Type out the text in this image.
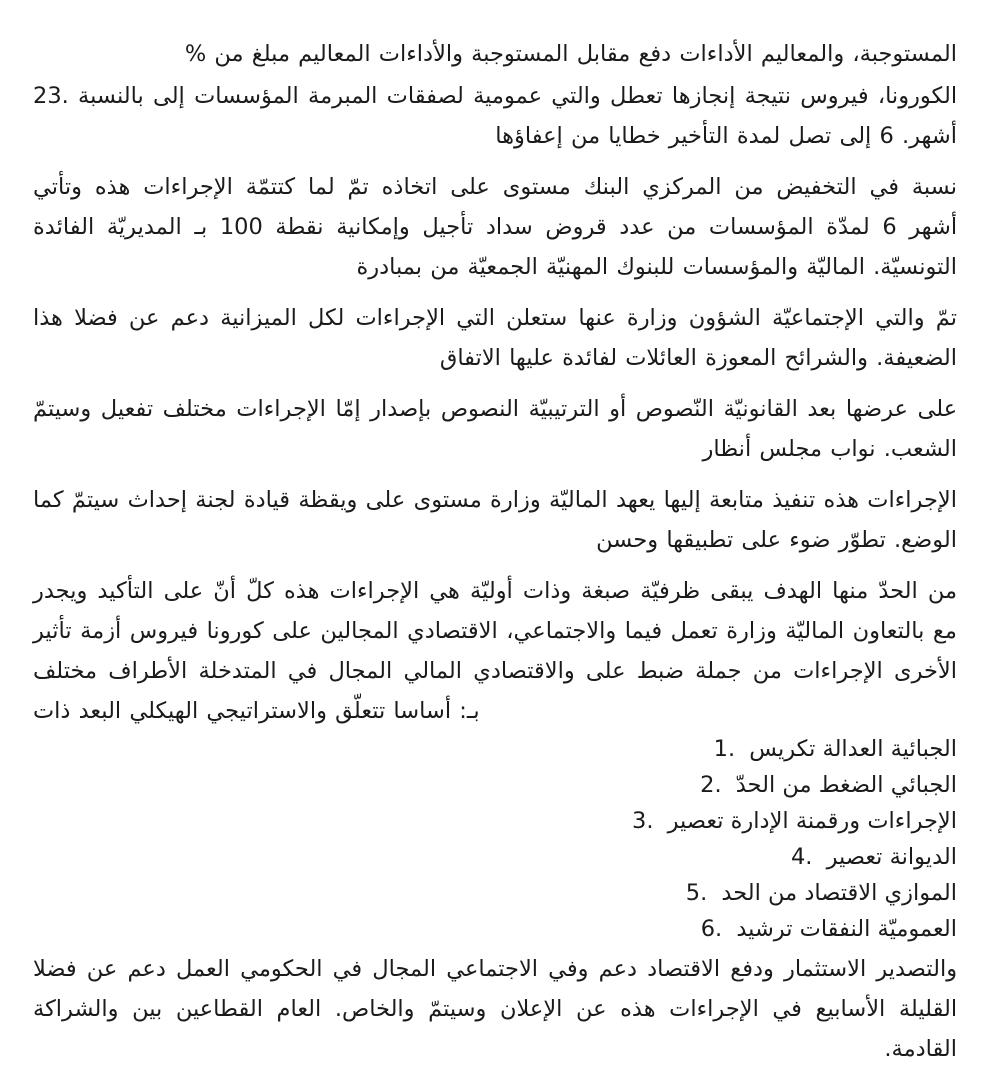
% من مبلغ المعاليم والأداءات المستوجبة مقابل دفع الأداءات والمعاليم المستوجبة،

23. بالنسبة إلى المؤسسات المبرمة لصفقات عمومية والتي تعطل إنجازها نتيجة فيروس الكورونا، إعفاؤها من خطايا التأخير لمدة تصل إلى 6 أشهر.

وتأتي هذه الإجراءات كتتمّة لما تمّ اتخاذه على مستوى البنك المركزي من التخفيض في نسبة الفائدة المديريّة بـ 100 نقطة وإمكانية تأجيل سداد قروض عدد من المؤسسات لمدّة 6 أشهر بمبادرة من الجمعيّة المهنيّة للبنوك والمؤسسات الماليّة التونسيّة.

هذا فضلا عن دعم الميزانية لكل الإجراءات التي ستعلن عنها وزارة الشؤون الإجتماعيّة والتي تمّ الاتفاق عليها لفائدة العائلات المعوزة والشرائح الضعيفة.

وسيتمّ تفعيل مختلف الإجراءات إمّا بإصدار النصوص الترتيبيّة أو النّصوص القانونيّة بعد عرضها على أنظار مجلس نواب الشعب.

كما سيتمّ إحداث لجنة قيادة ويقظة على مستوى وزارة الماليّة يعهد إليها متابعة تنفيذ هذه الإجراءات وحسن تطبيقها على ضوء تطوّر الوضع.

ويجدر التأكيد على أنّ كلّ هذه الإجراءات هي أوليّة وذات صبغة ظرفيّة يبقى الهدف منها الحدّ من تأثير أزمة فيروس كورونا على المجالين الاقتصادي والاجتماعي، فيما تعمل وزارة الماليّة بالتعاون مع مختلف الأطراف المتدخلة في المجال المالي والاقتصادي على ضبط جملة من الإجراءات الأخرى ذات البعد الهيكلي والاستراتيجي تتعلّق أساسا بـ:

1. تكريس العدالة الجبائية

2. الحدّ من الضغط الجبائي

3. تعصير الإدارة ورقمنة الإجراءات

4. تعصير الديوانة

5. الحد من الاقتصاد الموازي

6. ترشيد النفقات العموميّة

فضلا عن دعم العمل الحكومي في المجال الاجتماعي وفي دعم الاقتصاد ودفع الاستثمار والتصدير والشراكة بين القطاعين العام والخاص. وسيتمّ الإعلان عن هذه الإجراءات في الأسابيع القليلة القادمة.
